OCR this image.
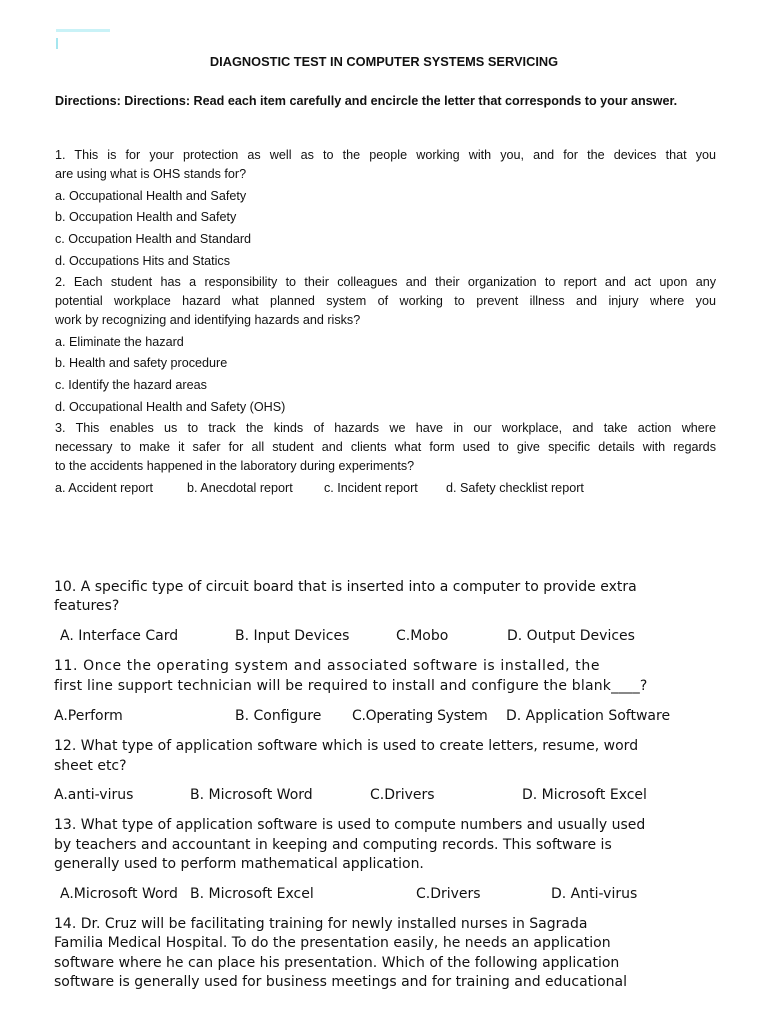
DIAGNOSTIC TEST IN COMPUTER SYSTEMS SERVICING
Directions: Directions: Read each item carefully and encircle the letter that corresponds to your answer.
1. This is for your protection as well as to the people working with you, and for the devices that you
are using what is OHS stands for?
a. Occupational Health and Safety
b. Occupation Health and Safety
c. Occupation Health and Standard
d. Occupations Hits and Statics
2. Each student has a responsibility to their colleagues and their organization to report and act upon any
potential workplace hazard what planned system of working to prevent illness and injury where you
work by recognizing and identifying hazards and risks?
a. Eliminate the hazard
b. Health and safety procedure
c. Identify the hazard areas
d. Occupational Health and Safety (OHS)
3. This enables us to track the kinds of hazards we have in our workplace, and take action where
necessary to make it safer for all student and clients what form used to give specific details with regards
to the accidents happened in the laboratory during experiments?
a. Accident report	b. Anecdotal report c. Incident report d. Safety checklist report
10. A specific type of circuit board that is inserted into a computer to provide extra
features?
A. Interface Card	B. Input Devices	C.Mobo	D. Output Devices
11. Once the operating system and associated software is installed, the
first line support technician will be required to install and configure the blank____?
A.Perform	B. Configure C.Operating System D. Application Software
12. What type of application software which is used to create letters, resume, word
sheet etc?
A.anti-virus	B. Microsoft Word	C.Drivers	D. Microsoft Excel
13. What type of application software is used to compute numbers and usually used
by teachers and accountant in keeping and computing records. This software is
generally used to perform mathematical application.
A.Microsoft Word B. Microsoft Excel	C.Drivers	D. Anti-virus
14. Dr. Cruz will be facilitating training for newly installed nurses in Sagrada
Familia Medical Hospital. To do the presentation easily, he needs an application
software where he can place his presentation. Which of the following application
software is generally used for business meetings and for training and educational
